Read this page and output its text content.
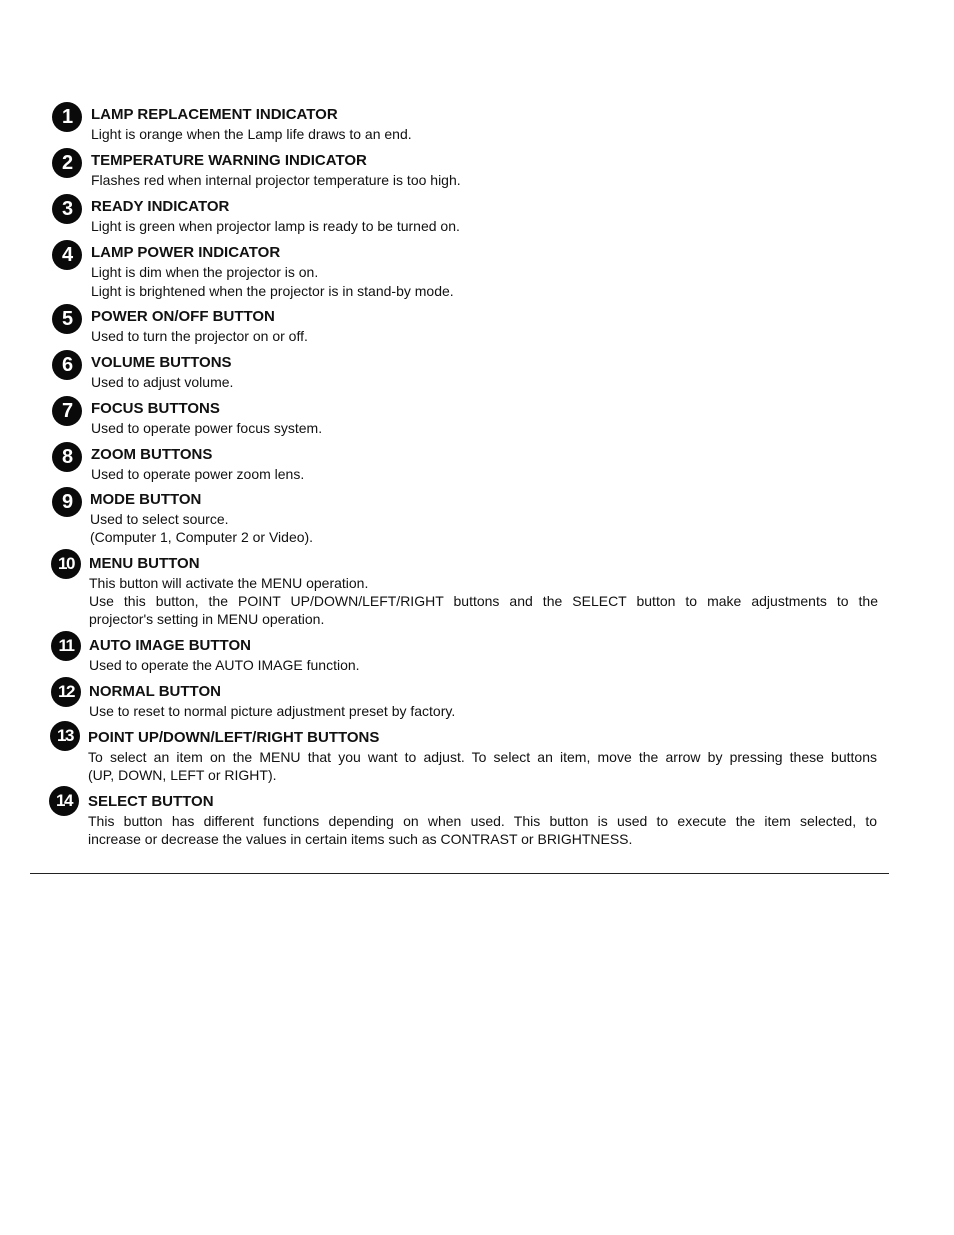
1	LAMP REPLACEMENT INDICATOR
Light is orange when the Lamp life draws to an end.
2	TEMPERATURE WARNING INDICATOR
Flashes red when internal projector temperature is too high.
3	READY INDICATOR
Light is green when projector lamp is ready to be turned on.
4	LAMP POWER INDICATOR
Light is dim when the projector is on.
Light is brightened when the projector is in stand-by mode.
5	POWER ON/OFF BUTTON
Used to turn the projector on or off.
6	VOLUME BUTTONS
Used to adjust volume.
7	FOCUS BUTTONS
Used to operate power focus system.
8	ZOOM BUTTONS
Used to operate power zoom lens.
9	MODE BUTTON
Used to select source.
(Computer 1, Computer 2 or Video).
10	MENU BUTTON
This button will activate the MENU operation.
Use this button, the POINT UP/DOWN/LEFT/RIGHT buttons and the SELECT button to make adjustments to the
projector's setting in MENU operation.
11	AUTO IMAGE BUTTON
Used to operate the AUTO IMAGE function.
12	NORMAL BUTTON
Use to reset to normal picture adjustment preset by factory.
13	POINT UP/DOWN/LEFT/RIGHT BUTTONS
To select an item on the MENU that you want to adjust. To select an item, move the arrow by pressing these buttons
(UP, DOWN, LEFT or RIGHT).
14	SELECT BUTTON
This button has different functions depending on when used. This button is used to execute the item selected, to
increase or decrease the values in certain items such as CONTRAST or BRIGHTNESS.
